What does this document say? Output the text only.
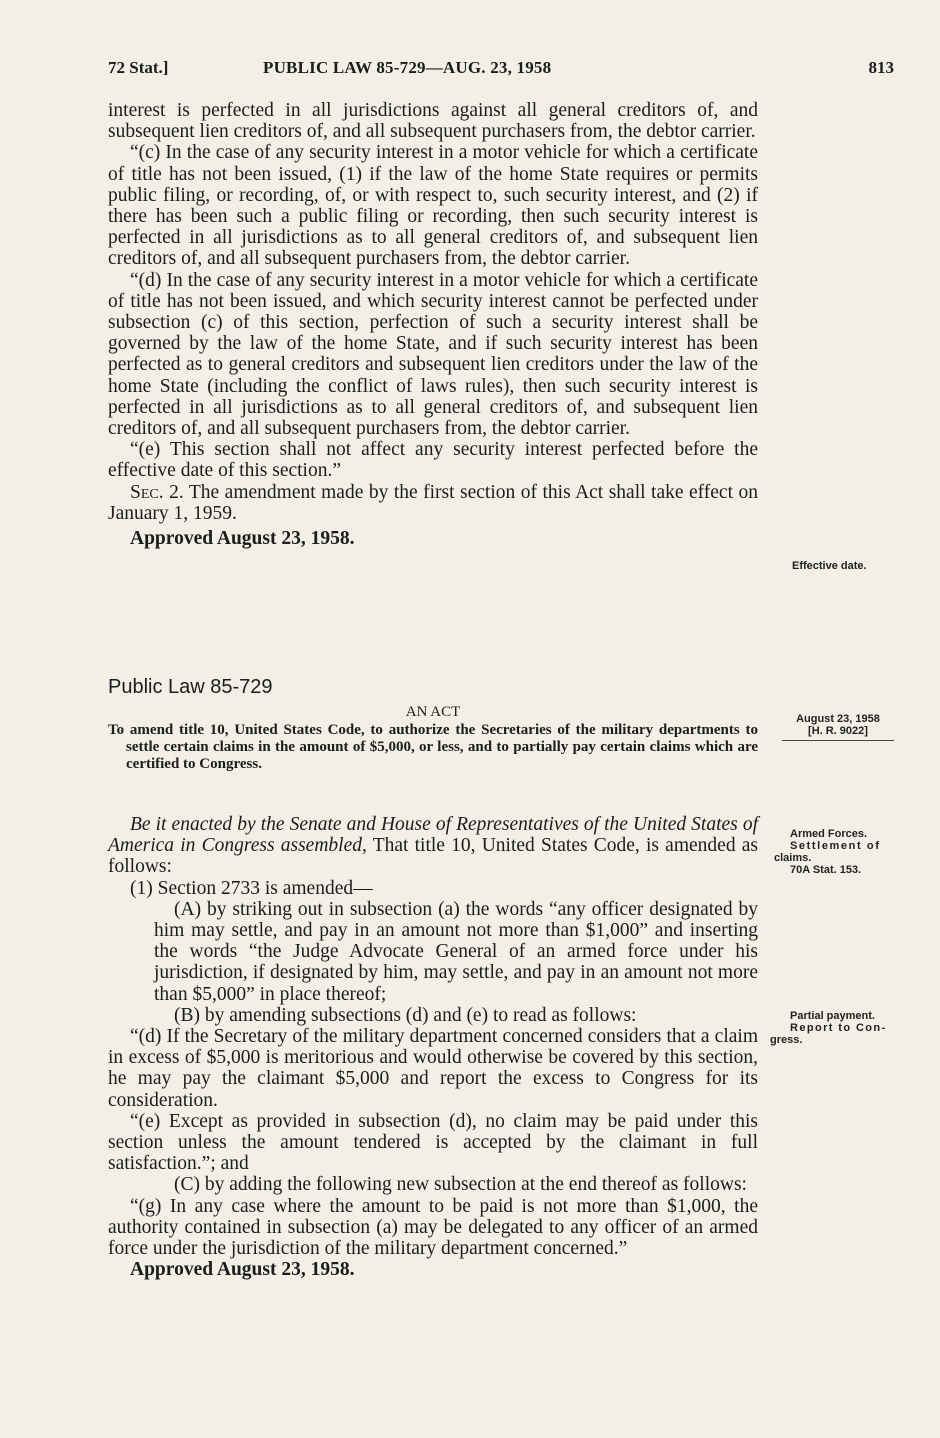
72 Stat.]	PUBLIC LAW 85-729—AUG. 23, 1958	813

interest is perfected in all jurisdictions against all general creditors of, and subsequent lien creditors of, and all subsequent purchasers from, the debtor carrier.

“(c) In the case of any security interest in a motor vehicle for which a certificate of title has not been issued, (1) if the law of the home State requires or permits public filing, or recording, of, or with respect to, such security interest, and (2) if there has been such a public filing or recording, then such security interest is perfected in all jurisdictions as to all general creditors of, and subsequent lien creditors of, and all subsequent purchasers from, the debtor carrier.

“(d) In the case of any security interest in a motor vehicle for which a certificate of title has not been issued, and which security interest cannot be perfected under subsection (c) of this section, perfection of such a security interest shall be governed by the law of the home State, and if such security interest has been perfected as to general creditors and subsequent lien creditors under the law of the home State (including the conflict of laws rules), then such security interest is perfected in all jurisdictions as to all general creditors of, and subsequent lien creditors of, and all subsequent purchasers from, the debtor carrier.

“(e) This section shall not affect any security interest perfected before the effective date of this section.”

Sec. 2. The amendment made by the first section of this Act shall take effect on January 1, 1959.

Approved August 23, 1958.

Public Law 85-729
AN ACT
To amend title 10, United States Code, to authorize the Secretaries of the military departments to settle certain claims in the amount of $5,000, or less, and to partially pay certain claims which are certified to Congress.

Be it enacted by the Senate and House of Representatives of the United States of America in Congress assembled, That title 10, United States Code, is amended as follows:

(1) Section 2733 is amended—

(A) by striking out in subsection (a) the words “any officer designated by him may settle, and pay in an amount not more than $1,000” and inserting the words “the Judge Advocate General of an armed force under his jurisdiction, if designated by him, may settle, and pay in an amount not more than $5,000” in place thereof;

(B) by amending subsections (d) and (e) to read as follows:

“(d) If the Secretary of the military department concerned considers that a claim in excess of $5,000 is meritorious and would otherwise be covered by this section, he may pay the claimant $5,000 and report the excess to Congress for its consideration.

“(e) Except as provided in subsection (d), no claim may be paid under this section unless the amount tendered is accepted by the claimant in full satisfaction.”; and

(C) by adding the following new subsection at the end thereof as follows:

“(g) In any case where the amount to be paid is not more than $1,000, the authority contained in subsection (a) may be delegated to any officer of an armed force under the jurisdiction of the military department concerned.”

Approved August 23, 1958.

Effective date.
August 23, 1958
[H. R. 9022]
Armed Forces.
Settlement of
claims.
70A Stat. 153.
Partial payment.
Report to Con-
gress.
